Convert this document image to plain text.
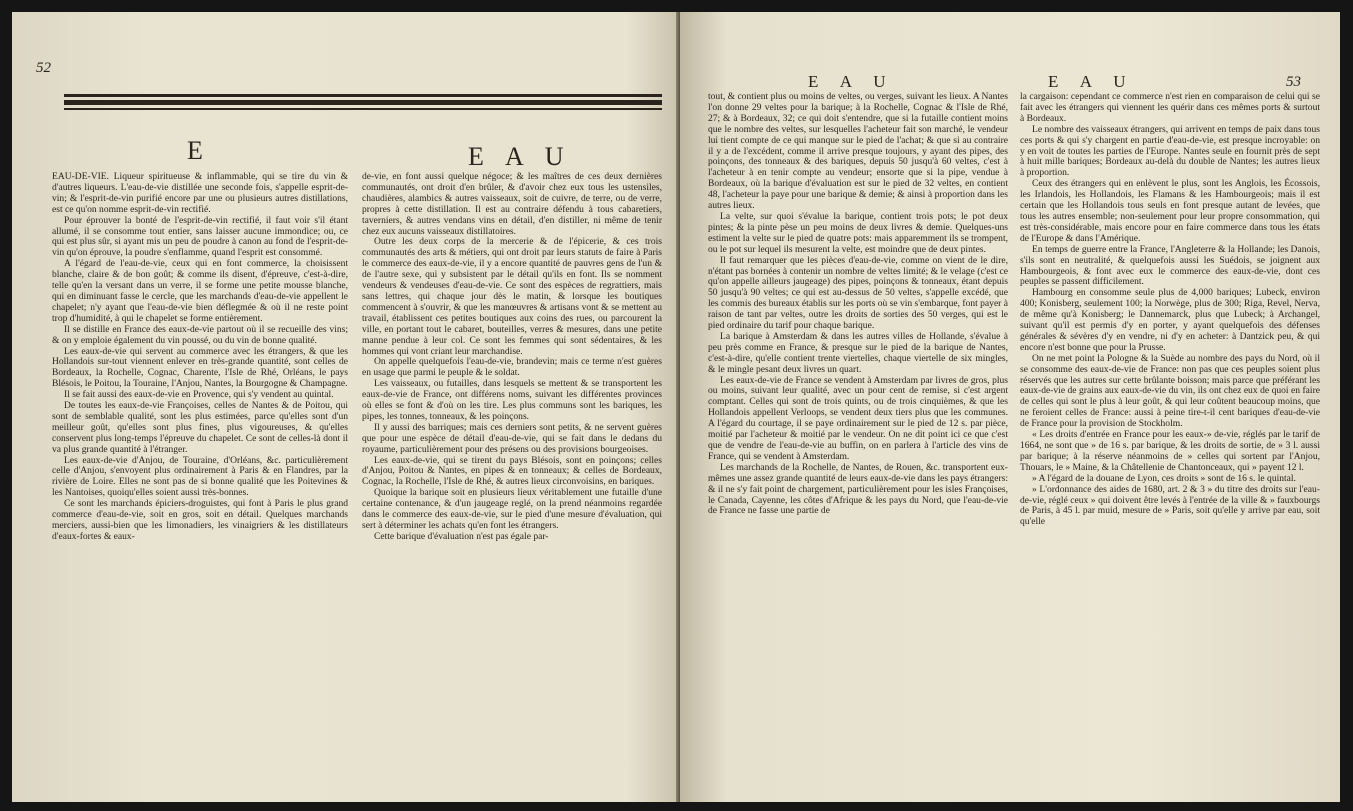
52
E	E A U

EAU-DE-VIE. Liqueur spiritueuse & inflammable, qui se tire du vin & d'autres liqueurs. L'eau-de-vie distillée une seconde fois, s'appelle esprit-de-vin; & l'esprit-de-vin purifié encore par une ou plusieurs autres distillations, est ce qu'on nomme esprit-de-vin rectifié.

Pour éprouver la bonté de l'esprit-de-vin rectifié, il faut voir s'il étant allumé, il se consomme tout entier, sans laisser aucune immondice; ou, ce qui est plus sûr, si ayant mis un peu de poudre à canon au fond de l'esprit-de-vin qu'on éprouve, la poudre s'enflamme, quand l'esprit est consommé.

A l'égard de l'eau-de-vie, ceux qui en font commerce, la choisissent blanche, claire & de bon goût; & comme ils disent, d'épreuve, c'est-à-dire, telle qu'en la versant dans un verre, il se forme une petite mousse blanche, qui en diminuant fasse le cercle, que les marchands d'eau-de-vie appellent le chapelet; n'y ayant que l'eau-de-vie bien déflegmée & où il ne reste point trop d'humidité, à qui le chapelet se forme entièrement.

Il se distille en France des eaux-de-vie partout où il se recueille des vins; & on y emploie également du vin poussé, ou du vin de bonne qualité.

Les eaux-de-vie qui servent au commerce avec les étrangers, & que les Hollandois sur-tout viennent enlever en très-grande quantité, sont celles de Bordeaux, la Rochelle, Cognac, Charente, l'Isle de Rhé, Orléans, le pays Blésois, le Poitou, la Touraine, l'Anjou, Nantes, la Bourgogne & Champagne.

Il se fait aussi des eaux-de-vie en Provence, qui s'y vendent au quintal.

De toutes les eaux-de-vie Françoises, celles de Nantes & de Poitou, qui sont de semblable qualité, sont les plus estimées, parce qu'elles sont d'un meilleur goût, qu'elles sont plus fines, plus vigoureuses, & qu'elles conservent plus long-temps l'épreuve du chapelet. Ce sont de celles-là dont il va plus grande quantité à l'étranger.

Les eaux-de-vie d'Anjou, de Touraine, d'Orléans, &c. particulièrement celle d'Anjou, s'envoyent plus ordinairement à Paris & en Flandres, par la rivière de Loire. Elles ne sont pas de si bonne qualité que les Poitevines & les Nantoises, quoiqu'elles soient aussi très-bonnes.

Ce sont les marchands épiciers-droguistes, qui font à Paris le plus grand commerce d'eau-de-vie, soit en gros, soit en détail. Quelques marchands merciers, aussi-bien que les limonadiers, les vinaigriers & les distillateurs d'eaux-fortes & eaux-

de-vie, en font aussi quelque négoce; & les maîtres de ces deux dernières communautés, ont droit d'en brûler, & d'avoir chez eux tous les ustensiles, chaudières, alambics & autres vaisseaux, soit de cuivre, de terre, ou de verre, propres à cette distillation. Il est au contraire défendu à tous cabaretiers, taverniers, & autres vendans vins en détail, d'en distiller, ni même de tenir chez eux aucuns vaisseaux distillatoires.

Outre les deux corps de la mercerie & de l'épicerie, & ces trois communautés des arts & métiers, qui ont droit par leurs statuts de faire à Paris le commerce des eaux-de-vie, il y a encore quantité de pauvres gens de l'un & de l'autre sexe, qui y subsistent par le détail qu'ils en font. Ils se nomment vendeurs & vendeuses d'eau-de-vie. Ce sont des espèces de regrattiers, mais sans lettres, qui chaque jour dès le matin, & lorsque les boutiques commencent à s'ouvrir, & que les manœuvres & artisans vont & se mettent au travail, établissent ces petites boutiques aux coins des rues, ou parcourent la ville, en portant tout le cabaret, bouteilles, verres & mesures, dans une petite manne pendue à leur col. Ce sont les femmes qui sont sédentaires, & les hommes qui vont criant leur marchandise.

On appelle quelquefois l'eau-de-vie, brandevin; mais ce terme n'est guères en usage que parmi le peuple & le soldat.

Les vaisseaux, ou futailles, dans lesquels se mettent & se transportent les eaux-de-vie de France, ont différens noms, suivant les différentes provinces où elles se font & d'où on les tire. Les plus communs sont les bariques, les pipes, les tonnes, tonneaux, & les poinçons.

Il y aussi des barriques; mais ces derniers sont petits, & ne servent guères que pour une espèce de détail d'eau-de-vie, qui se fait dans le dedans du royaume, particulièrement pour des présens ou des provisions bourgeoises.

Les eaux-de-vie, qui se tirent du pays Blésois, sont en poinçons; celles d'Anjou, Poitou & Nantes, en pipes & en tonneaux; & celles de Bordeaux, Cognac, la Rochelle, l'Isle de Rhé, & autres lieux circonvoisins, en bariques.

Quoique la barique soit en plusieurs lieux véritablement une futaille d'une certaine contenance, & d'un jaugeage reglé, on la prend néanmoins regardée dans le commerce des eaux-de-vie, sur le pied d'une mesure d'évaluation, qui sert à déterminer les achats qu'en font les étrangers.

Cette barique d'évaluation n'est pas égale par-

E A U	E A U	53

tout, & contient plus ou moins de veltes, ou verges, suivant les lieux. A Nantes l'on donne 29 veltes pour la barique; à la Rochelle, Cognac & l'Isle de Rhé, 27; & à Bordeaux, 32; ce qui doit s'entendre, que si la futaille contient moins que le nombre des veltes, sur lesquelles l'acheteur fait son marché, le vendeur lui tient compte de ce qui manque sur le pied de l'achat; & que si au contraire il y a de l'excédent, comme il arrive presque toujours, y ayant des pipes, des poinçons, des tonneaux & des bariques, depuis 50 jusqu'à 60 veltes, c'est à l'acheteur à en tenir compte au vendeur; ensorte que si la pipe, vendue à Bordeaux, où la barique d'évaluation est sur le pied de 32 veltes, en contient 48, l'acheteur la paye pour une barique & demie; & ainsi à proportion dans les autres lieux.

La velte, sur quoi s'évalue la barique, contient trois pots; le pot deux pintes; & la pinte pèse un peu moins de deux livres & demie. Quelques-uns estiment la velte sur le pied de quatre pots: mais apparemment ils se trompent, ou le pot sur lequel ils mesurent la velte, est moindre que de deux pintes.

Il faut remarquer que les pièces d'eau-de-vie, comme on vient de le dire, n'étant pas bornées à contenir un nombre de veltes limité; & le velage (c'est ce qu'on appelle ailleurs jaugeage) des pipes, poinçons & tonneaux, étant depuis 50 jusqu'à 90 veltes; ce qui est au-dessus de 50 veltes, s'appelle excédé, que les commis des bureaux établis sur les ports où se vin s'embarque, font payer à raison de tant par veltes, outre les droits de sorties des 50 verges, qui est le pied ordinaire du tarif pour chaque barique.

La barique à Amsterdam & dans les autres villes de Hollande, s'évalue à peu près comme en France, & presque sur le pied de la barique de Nantes, c'est-à-dire, qu'elle contient trente viertelles, chaque viertelle de six mingles, & le mingle pesant deux livres un quart.

Les eaux-de-vie de France se vendent à Amsterdam par livres de gros, plus ou moins, suivant leur qualité, avec un pour cent de remise, si c'est argent comptant. Celles qui sont de trois quints, ou de trois cinquièmes, & que les Hollandois appellent Verloops, se vendent deux tiers plus que les communes. A l'égard du courtage, il se paye ordinairement sur le pied de 12 s. par pièce, moitié par l'acheteur & moitié par le vendeur. On ne dit point ici ce que c'est que de vendre de l'eau-de-vie au buffin, on en parlera à l'article des vins de France, qui se vendent à Amsterdam.

Les marchands de la Rochelle, de Nantes, de Rouen, &c. transportent eux-mêmes une assez grande quantité de leurs eaux-de-vie dans les pays étrangers: & il ne s'y fait point de chargement, particulièrement pour les isles Françoises, le Canada, Cayenne, les côtes d'Afrique & les pays du Nord, que l'eau-de-vie de France ne fasse une partie de

la cargaison: cependant ce commerce n'est rien en comparaison de celui qui se fait avec les étrangers qui viennent les quérir dans ces mêmes ports & surtout à Bordeaux.

Le nombre des vaisseaux étrangers, qui arrivent en temps de paix dans tous ces ports & qui s'y chargent en partie d'eau-de-vie, est presque incroyable: on y en voit de toutes les parties de l'Europe. Nantes seule en fournit près de sept à huit mille bariques; Bordeaux au-delà du double de Nantes; les autres lieux à proportion.

Ceux des étrangers qui en enlèvent le plus, sont les Anglois, les Écossois, les Irlandois, les Hollandois, les Flamans & les Hambourgeois; mais il est certain que les Hollandois tous seuls en font presque autant de levées, que tous les autres ensemble; non-seulement pour leur propre consommation, qui est très-considérable, mais encore pour en faire commerce dans tous les états de l'Europe & dans l'Amérique.

En temps de guerre entre la France, l'Angleterre & la Hollande; les Danois, s'ils sont en neutralité, & quelquefois aussi les Suédois, se joignent aux Hambourgeois, & font avec eux le commerce des eaux-de-vie, dont ces peuples se passent difficilement.

Hambourg en consomme seule plus de 4,000 bariques; Lubeck, environ 400; Konisberg, seulement 100; la Norwège, plus de 300; Riga, Revel, Nerva, de même qu'à Konisberg; le Dannemarck, plus que Lubeck; à Archangel, suivant qu'il est permis d'y en porter, y ayant quelquefois des défenses générales & sévères d'y en vendre, ni d'y en acheter: à Dantzick peu, & qui encore n'est bonne que pour la Prusse.

On ne met point la Pologne & la Suède au nombre des pays du Nord, où il se consomme des eaux-de-vie de France: non pas que ces peuples soient plus réservés que les autres sur cette brûlante boisson; mais parce que préférant les eaux-de-vie de grains aux eaux-de-vie du vin, ils ont chez eux de quoi en faire de celles qui sont le plus à leur goût, & qui leur coûtent beaucoup moins, que ne feroient celles de France: aussi à peine tire-t-il cent bariques d'eau-de-vie de France pour la provision de Stockholm.

« Les droits d'entrée en France pour les eaux-» de-vie, réglés par le tarif de 1664, ne sont que » de 16 s. par barique, & les droits de sortie, de » 3 l. aussi par barique; à la réserve néanmoins de » celles qui sortent par l'Anjou, Thouars, le » Maine, & la Châtellenie de Chantonceaux, qui » payent 12 l.

» A l'égard de la douane de Lyon, ces droits » sont de 16 s. le quintal.

» L'ordonnance des aides de 1680, art. 2 & 3 » du titre des droits sur l'eau-de-vie, réglé ceux » qui doivent être levés à l'entrée de la ville & » fauxbourgs de Paris, à 45 l. par muid, mesure de » Paris, soit qu'elle y arrive par eau, soit qu'elle
